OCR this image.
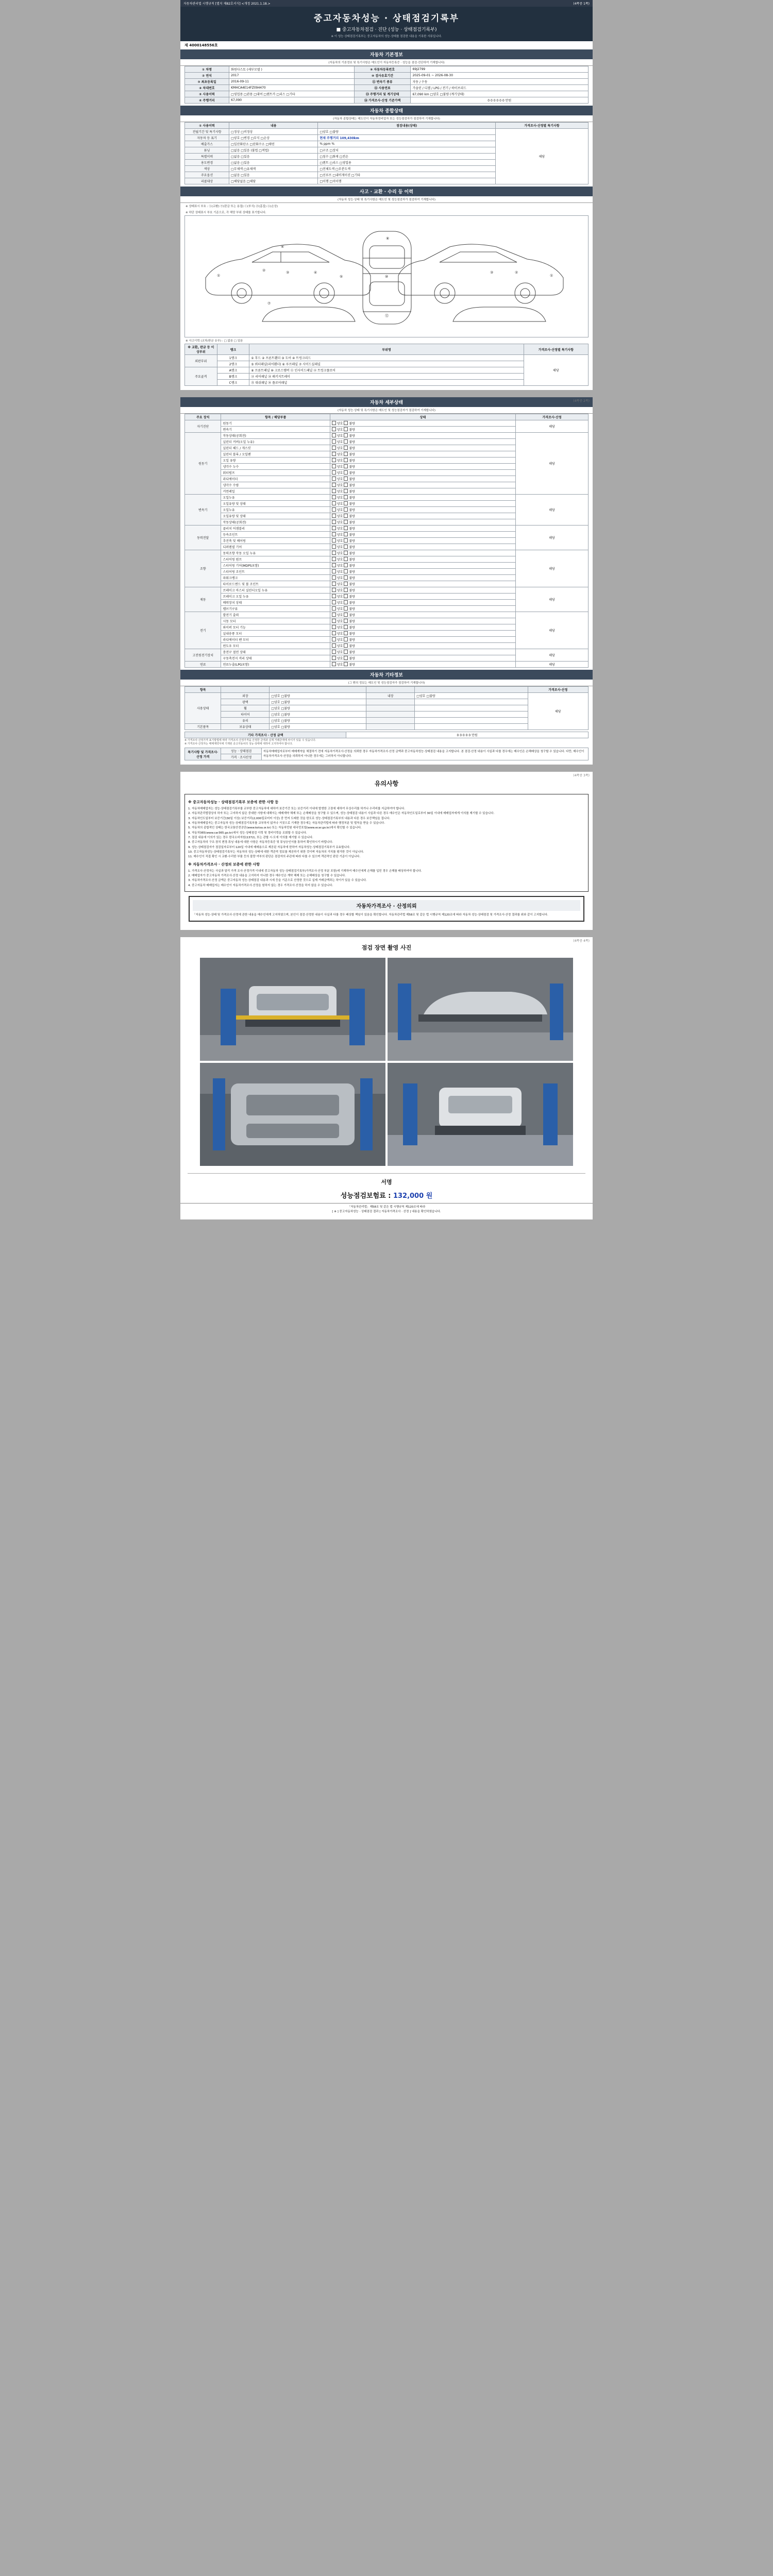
자동차관리법 시행규칙 [별지 제82호서식] <개정 2021.1.18.>	(4쪽중 1쪽)
중고자동차성능 · 상태점검기록부
■ 중고자동차점검 · 진단 (성능 · 상태점검기록부)
※ 이 성능·상태점검기록부는 중고자동차의 성능·상태를 점검한 내용을 기록한 서류입니다.
제 4000148556호
자동차 기본정보
(자동차의 기본정보 및 특기사항은 매도인이 자동차등록증 · 성능을 점검·진단하여 기재합니다)
① 차명	화원다스토 (세부모델 )	⑨ 자동차등록번호	69J2799
② 연식	2017	⑩ 검사유효기간	2025-09-01 ~ 2026-08-30
③ 최초등록일	2016-09-11	⑪ 변속기 종류	자동 / 수동
④ 차대번호	KMHCA4E14FZ094470	⑫ 사용연료	가솔린 / 디젤 / LPG / 전기 / 하이브리드
⑤ 사용이력	□영업용 □관용 □대여 □렌트카 □리스 □기타	⑬ 주행거리 및 계기상태	67,090 km □양호 □불량 (계기상태)
⑥ 주행거리	67,090	⑭ 가격조사·산정 기준가액	0 0 0 0 0 0 만원
자동차 종합상태
(자동차 종합상태는 매도인이 자동차정비업자 또는 성능점검자가 점검하여 기재합니다)
① 사용이력	내용	점검내용(상태)	가격조사·산정별 특기사항
전월기간 및 특기사항	□정상 □비정상	□양호 □불량	해당
자동차 등 표기	□양호 □변경 □부식 □손상	현재 주행거리 109,430km	
배출가스	□일산화탄소 □탄화수소 □매연	% ppm %	
튜닝	□없음 □있음 (불법 □적법)	□구조 □장치	
특별이력	□없음 □있음	□침수 □화재 □전손	
용도변경	□없음 □있음	□렌트 □리스 □영업용	
색상	□무채색 □유채색	□전체도색 □부분도색	
주요옵션	□없음 □있음	□선루프 □내비게이션 □기타	
리콜대상	□해당없음 □해당	□이행 □미이행	
사고 · 교환 · 수리 등 이력
(자동차 성능·상태 및 특기사항은 매도인 및 성능점검자가 점검하여 기재합니다)
※ 상태표시 부호 : ⓧ(교환) ⓦ(판금 또는 용접) ⓒ(부식) ⓟ(흠집) ⓐ(손상)
※ 하단 상태표시 부호 기준으로, 각 해당 부위 상태를 표기합니다.
①
②	③	④
⑤
⑥
⑦
⑧
⑩
⑫
③	②
①
※ 사고이력 (교차/판금 유무) : □ 없음 □ 있음
※ 교환, 판금 등 이상부위	랭크	부위명	가격조사·산정별 특기사항
외판부위	1랭크	① 후드 ② 프론트휀더 ③ 도어 ④ 트렁크리드	해당
	2랭크	⑤ 쿼터패널(리어휀더) ⑥ 루프패널 ⑦ 사이드실패널	
주요골격	A랭크	⑧ 프론트패널 ⑩ 크로스멤버 ⑪ 인사이드패널 ⑫ 트렁크플로어	
	B랭크	⑬ 리어패널 ⑭ 패키지트레이	
	C랭크	⑮ 대쉬패널 ⑯ 플로어패널	
(4쪽중 2쪽)
자동차 세부상태
(자동차 성능·상태 및 특기사항은 매도인 및 성능점검자가 점검하여 기재합니다)
주요 장치	항목 / 해당부품	상태	가격조사·산정
자기진단	원동기	양호 불량	해당
	변속기	양호 불량	
원동기	작동상태(공회전)	양호 불량	해당
	실린더 커버(오일 누유)	양호 불량	
	실린더 헤드 / 개스킷	양호 불량	
	실린더 블록 / 오일팬	양호 불량	
	오일 유량	양호 불량	
	냉각수 누수	양호 불량	
	워터펌프	양호 불량	
	라디에이터	양호 불량	
	냉각수 수량	양호 불량	
	커먼레일	양호 불량	
변속기	오일누유	양호 불량	해당
	오일유량 및 상태	양호 불량	
	오일누유	양호 불량	
	오일유량 및 상태	양호 불량	
	작동상태(공회전)	양호 불량	
동력전달	클러치 어셈블리	양호 불량	해당
	등속조인트	양호 불량	
	추진축 및 베어링	양호 불량	
	디퍼렌셜 기어	양호 불량	
조향	동력조향 작동 오일 누유	양호 불량	해당
	스티어링 펌프	양호 불량	
	스티어링 기어(MDPS포함)	양호 불량	
	스티어링 조인트	양호 불량	
	파워크랭크	양호 불량	
	타이로드엔드 및 볼 조인트	양호 불량	
제동	브레이크 마스터 실린더오일 누유	양호 불량	해당
	브레이크 오일 누유	양호 불량	
	배력장치 상태	양호 불량	
	밸브기구류	양호 불량	
전기	발전기 출력	양호 불량	해당
	시동 모터	양호 불량	
	와이퍼 모터 기능	양호 불량	
	실내송풍 모터	양호 불량	
	라디에이터 팬 모터	양호 불량	
	윈도우 모터	양호 불량	
고전원전기장치	충전구 절연 상태	양호 불량	해당
	구동축전지 격리 상태	양호 불량	
연료	연료누출(LPG포함)	양호 불량	해당
자동차 기타정보
(그 밖의 정보는 매도인 및 성능점검자가 점검하여 기재합니다)
항목	　	　	　	　	가격조사·산정
사용상태	외장	□양호 □불량	내장	□양호 □불량	해당
	광택	□양호 □불량		　	　
	휠	□양호 □불량		　	　
	타이어	□양호 □불량		　	　
	유리	□양호 □불량		　	　
기본품목	보유상태	□양호 □불량		　	　
기타 가격조사 · 산정 금액	0 0 0 0 0 만원
※ 가격조사·산정가격 표기방법에 따라 가격조사·산정가격을 산정한 금액과 실제 거래금액에 차이가 있을 수 있습니다.
※ 가격조사·산정자는 매매계약서에 기재된 중고자동차의 성능·상태에 대하여 고지하여야 합니다.
특기사항 및 가격조사·산정 가격	성능 · 상태점검	자동차매매업자로부터 매매계약을 체결하기 전에 자동차가격조사·산정을 의뢰한 경우 자동차가격조사·산정 금액과 중고자동차성능·상태점검 내용을 고지합니다. 본 점검·산정 내용이 사실과 다를 경우에는 매수인은 손해배상을 청구할 수 있습니다. 다만, 매수인이 자동차가격조사·산정을 의뢰하지 아니한 경우에는 그러하지 아니합니다.
가격 · 조사산정
(4쪽중 3쪽)
유의사항
※ 중고자동차성능 · 상태점검기록부 보증에 관한 사항 등
1. 자동차매매업자는 성능·상태점검기록부를 교부한 중고자동차에 대하여 보증기간 또는 보증거리 이내에 발생한 고장에 대하여 무상수리를 하거나 수리비를 지급하여야 합니다.
2. 자동차관리법령상의 하자 또는 고지하지 않은 중대한 사항에 대해서는 매매계약 해제 또는 손해배상을 청구할 수 있으며, 성능·상태점검 내용이 사실과 다른 경우 매수인은 자동차인도일로부터 30일 이내에 매매업자에게 이의를 제기할 수 있습니다.
3. 자동차인도일부터 보증기간(30일 이상) 보증거리(2,000킬로미터 이상) 중 먼저 도래한 것을 한도로 성능·상태점검기록부의 내용과 다른 경우 보증책임을 집니다.
4. 자동차매매업자는 중고자동차 성능·상태점검기록부를 교부하지 않거나 거짓으로 기재한 경우에는 자동차관리법에 따라 행정처분 및 벌칙을 받을 수 있습니다.
5. 자동차의 종합적인 상태는 한국교통안전공단(www.kotsa.or.kr) 또는 자동차민원 대국민포털(www.ecar.go.kr)에서 확인할 수 있습니다.
6. 자동차365(www.car365.go.kr)에서 성능·상태점검 이력 및 정비이력을 조회할 수 있습니다.
7. 점검 내용에 이의가 있는 경우 한국소비자원(1372), 또는 관할 시·도에 이의를 제기할 수 있습니다.
8. 중고자동차의 구조·장치 변경·튜닝 내용에 대한 사항은 자동차등록증 및 튜닝승인서를 통하여 확인하시기 바랍니다.
9. 성능·상태점검자가 점검일자로부터 120일 이내에 매매용으로 제공된 자동차에 한하여 자동차성능·상태점검기록부가 유효합니다.
10. 중고자동차성능·상태점검기록부는 자동차의 성능·상태에 대한 객관적 정보를 제공하기 위한 것이며 자동차의 가치를 평가한 것이 아닙니다.
11. 매수인이 직접 확인 시 교환·수리한 부품 등의 불량 여부의 판단은 점검자의 주관에 따라 다를 수 있으며 객관적인 판단 기준이 아닙니다.
※ 자동차가격조사 · 산정의 보증에 관한 사항
1. 가격조사·산정자는 사실과 달리 가격 조사·산정가격 이내에 중고자동차 성능·상태점검기록부(가격조사·산정 부분 포함)에 기재하여 매수인에게 손해를 입힌 경우 손해를 배상하여야 합니다.
2. 매매업자가 중고자동차 가격조사·산정 내용을 고지하지 아니한 경우 매수인은 계약 해제 또는 손해배상을 청구할 수 있습니다.
3. 자동차가격조사·산정 금액은 중고자동차 성능·상태점검 내용과 시세 등을 기준으로 산정한 것으로 실제 거래금액과는 차이가 있을 수 있습니다.
4. 중고자동차 매매업자는 매수인이 자동차가격조사·산정을 원하지 않는 경우 가격조사·산정을 하지 않을 수 있습니다.
자동차가격조사 · 산정의뢰
「자동차 성능·상태 및 가격조사·산정에 관한 내용을 매수인에게 고지하였으며, 본인이 점검·산정한 내용이 사실과 다를 경우 배상할 책임이 있음을 확인합니다. 자동차관리법 제58조 및 같은 법 시행규칙 제120조에 따라 자동차 성능·상태점검 및 가격조사·산정 결과를 위와 같이 고지합니다.
(4쪽중 4쪽)
점검 장면 촬영 사진
서명
성능점검보험료 : 132,000 원
「자동차관리법」제58조 및 같은 법 시행규칙 제120조에 따라
[ ※ ] 중고자동차성능 · 상태점검 결과 [ 자동차가격조사 · 산정 ] 내용을 확인하였습니다.
